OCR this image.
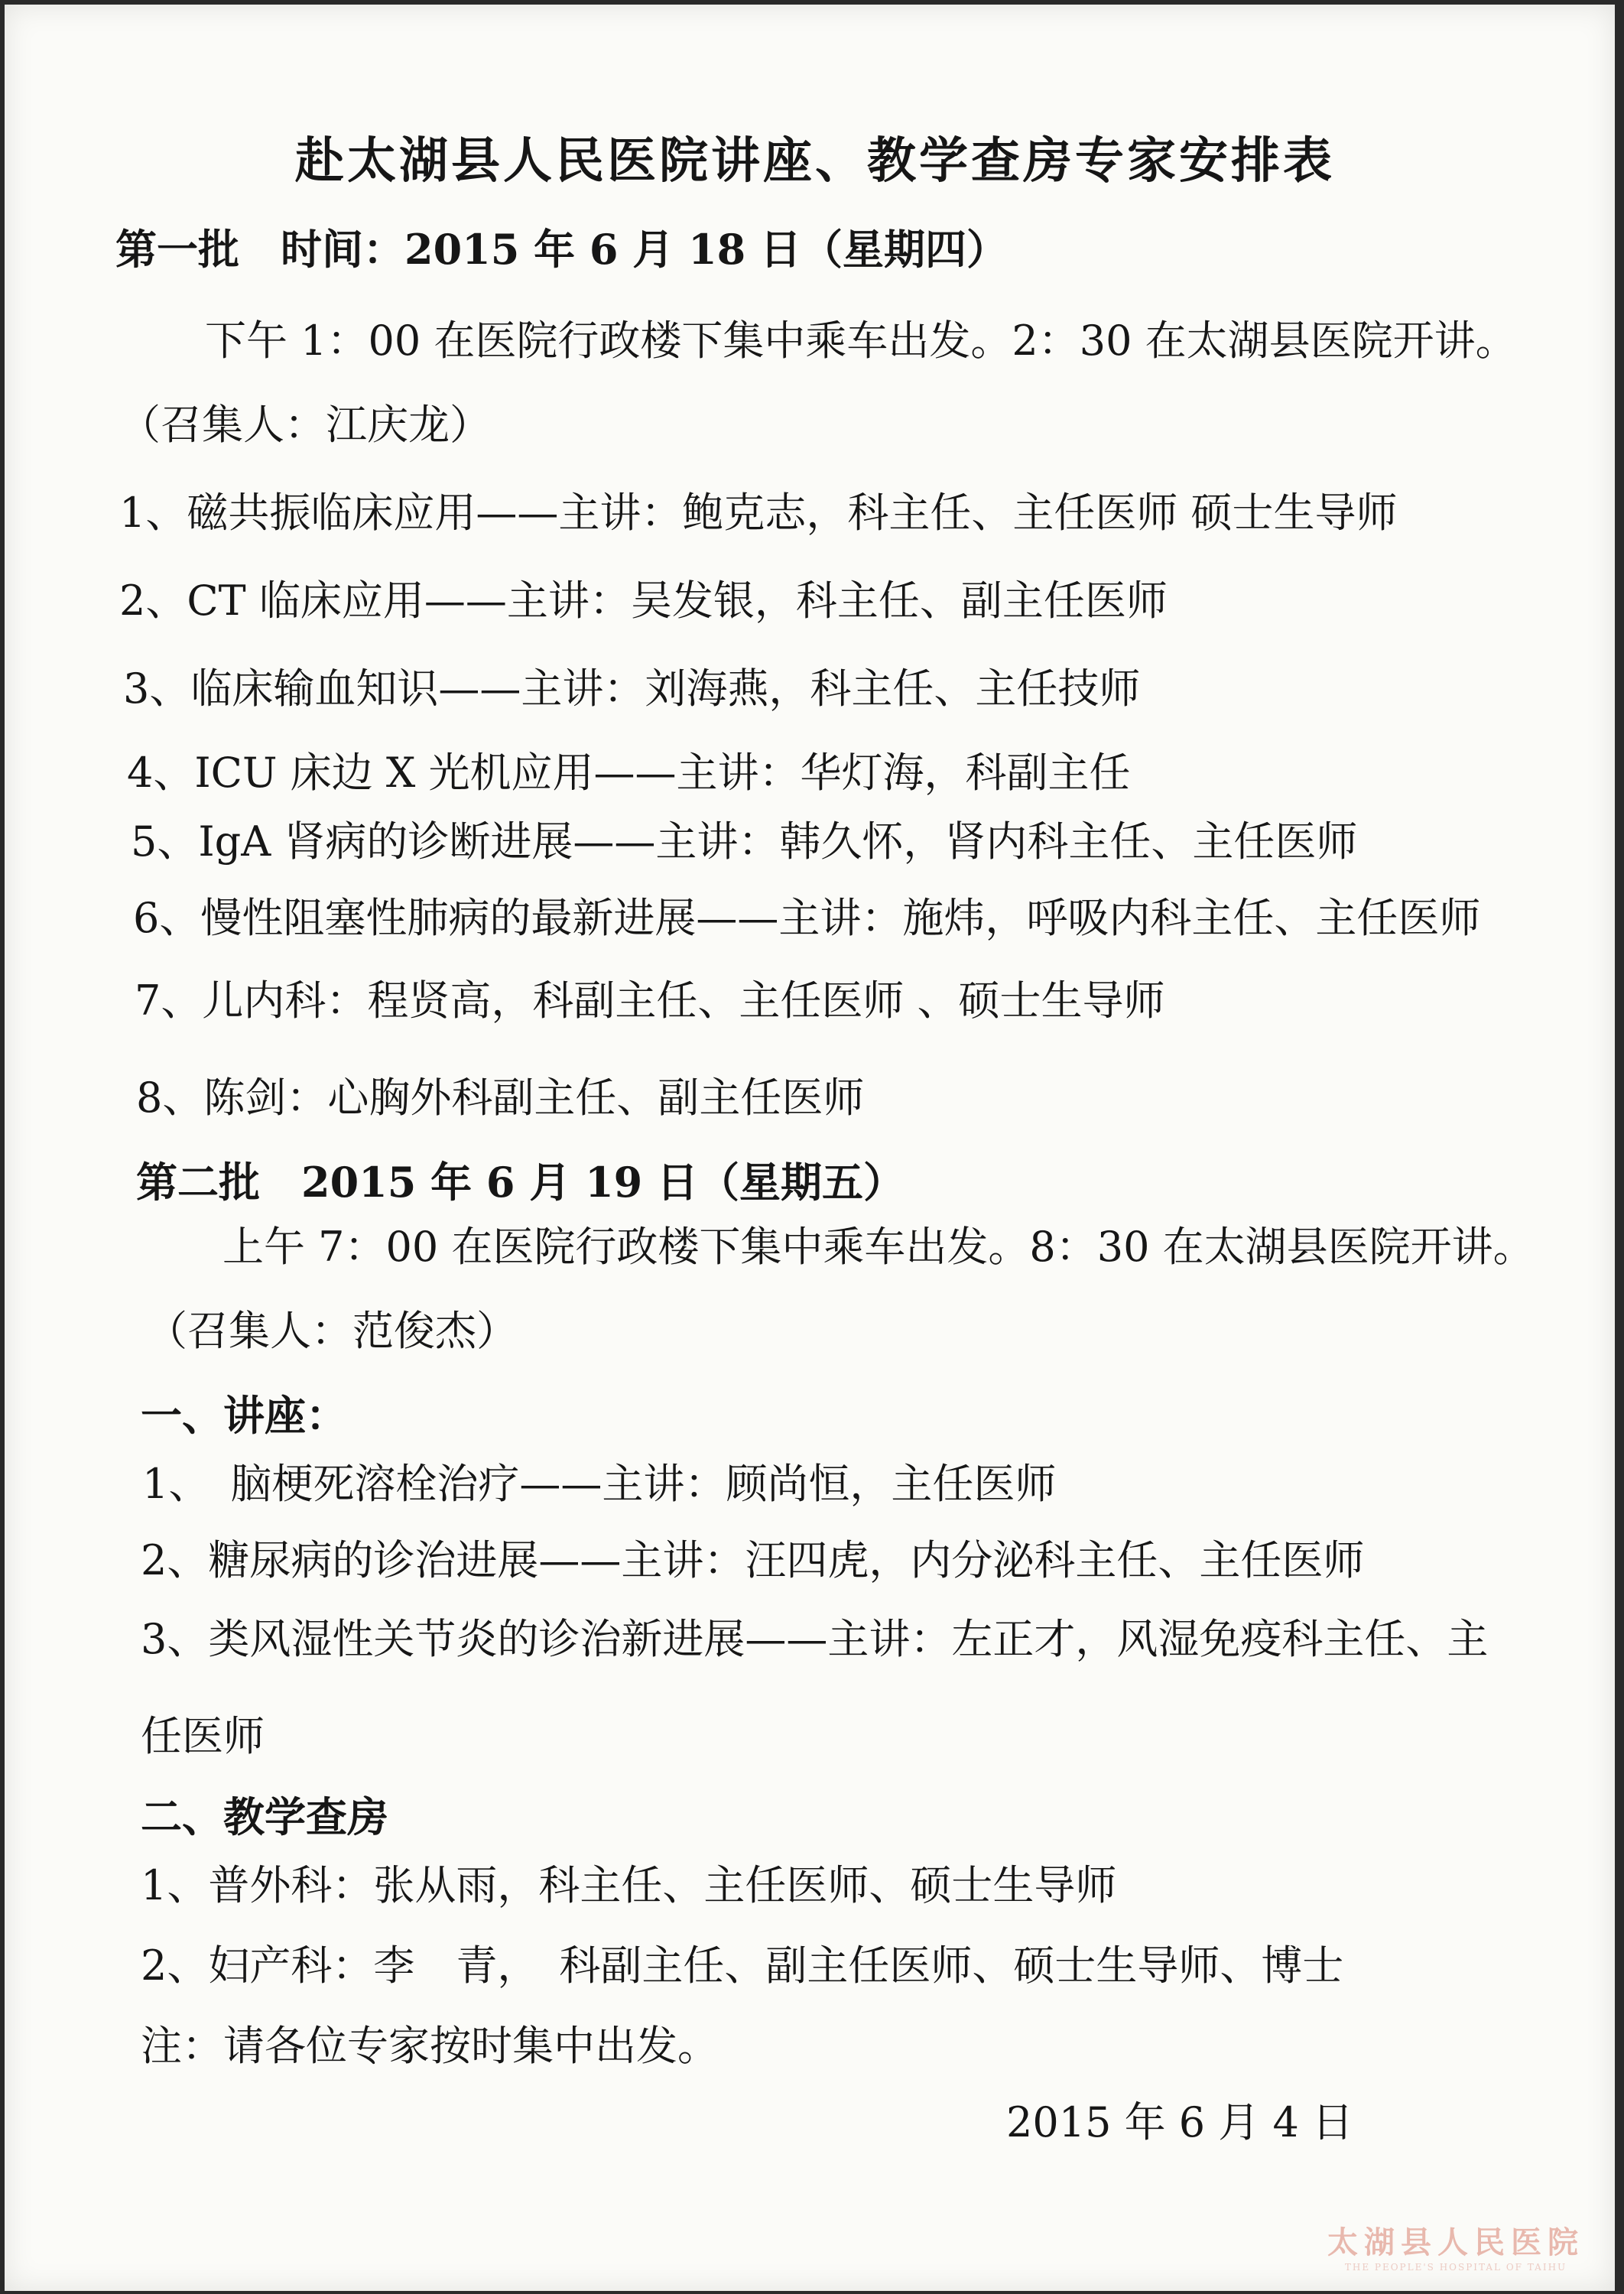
赴太湖县人民医院讲座、教学查房专家安排表
第一批　时间：2015 年 6 月 18 日（星期四）
下午 1：00 在医院行政楼下集中乘车出发。2：30 在太湖县医院开讲。
（召集人：江庆龙）
1、磁共振临床应用——主讲：鲍克志，科主任、主任医师 硕士生导师
2、CT 临床应用——主讲：吴发银，科主任、副主任医师
3、临床输血知识——主讲：刘海燕，科主任、主任技师
4、ICU 床边 X 光机应用——主讲：华灯海，科副主任
5、IgA 肾病的诊断进展——主讲：韩久怀，肾内科主任、主任医师
6、慢性阻塞性肺病的最新进展——主讲：施炜，呼吸内科主任、主任医师
7、儿内科：程贤高，科副主任、主任医师 、硕士生导师
8、陈剑：心胸外科副主任、副主任医师
第二批　2015 年 6 月 19 日（星期五）
上午 7：00 在医院行政楼下集中乘车出发。8：30 在太湖县医院开讲。
（召集人：范俊杰）
一、讲座：
1、　脑梗死溶栓治疗——主讲：顾尚恒，主任医师
2、糖尿病的诊治进展——主讲：汪四虎，内分泌科主任、主任医师
3、类风湿性关节炎的诊治新进展——主讲：左正才，风湿免疫科主任、主
任医师
二、教学查房
1、普外科：张从雨，科主任、主任医师、硕士生导师
2、妇产科：李　青，　科副主任、副主任医师、硕士生导师、博士
注：请各位专家按时集中出发。
2015 年 6 月 4 日
太湖县人民医院
THE PEOPLE'S HOSPITAL OF TAIHU
